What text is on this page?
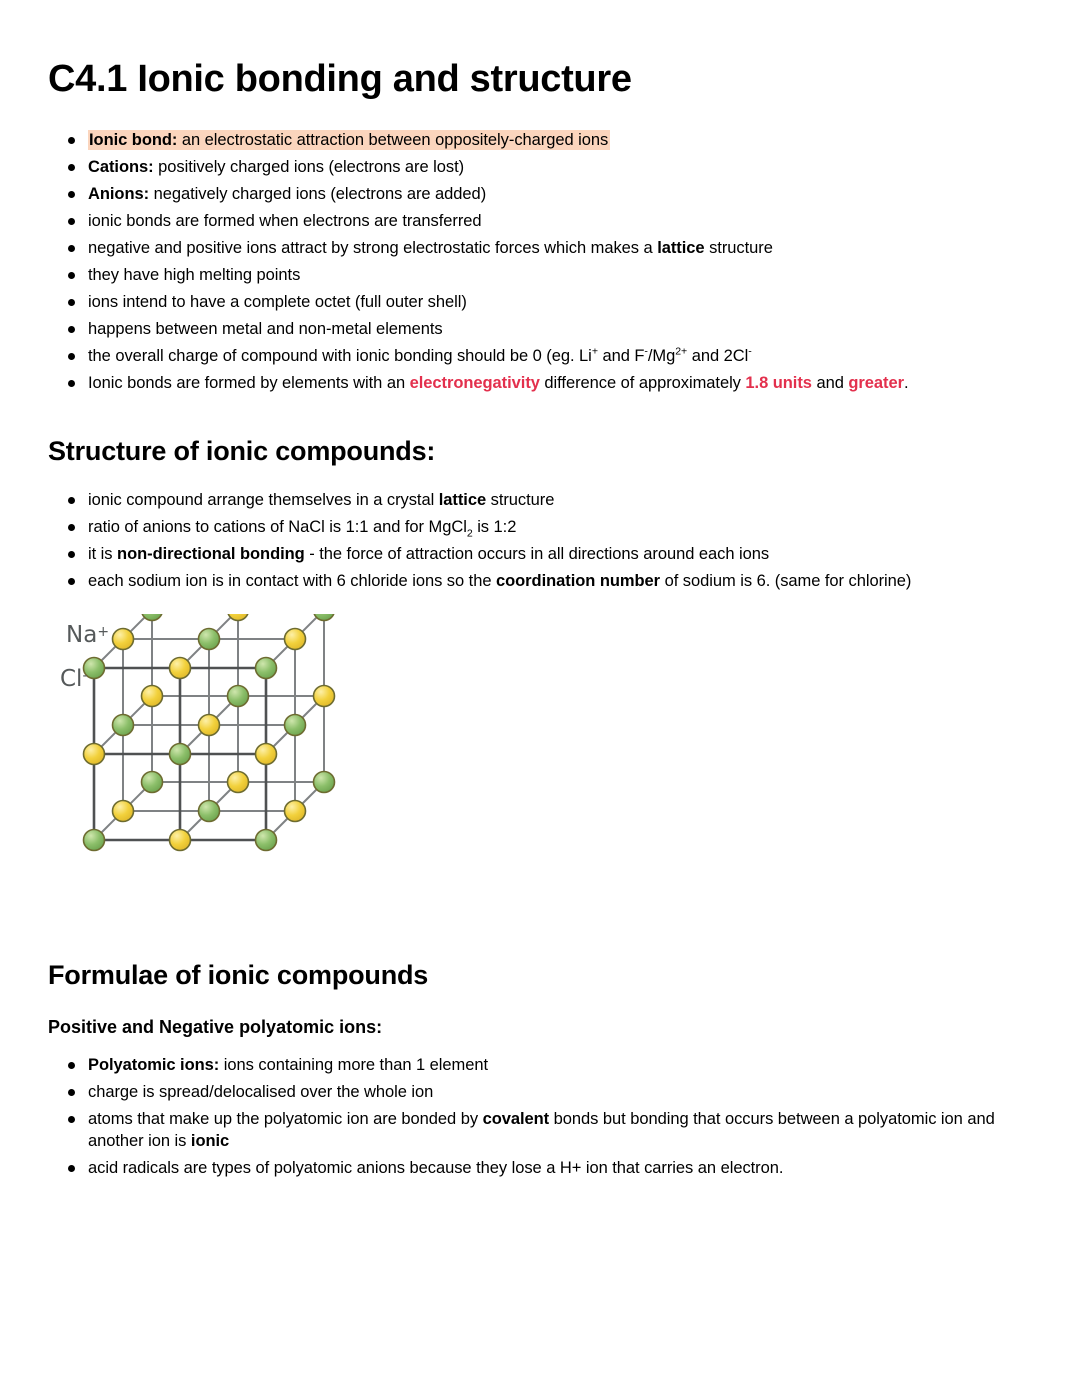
C4.1 Ionic bonding and structure
Ionic bond: an electrostatic attraction between oppositely-charged ions
Cations: positively charged ions (electrons are lost)
Anions: negatively charged ions (electrons are added)
ionic bonds are formed when electrons are transferred
negative and positive ions attract by strong electrostatic forces which makes a lattice structure
they have high melting points
ions intend to have a complete octet (full outer shell)
happens between metal and non-metal elements
the overall charge of compound with ionic bonding should be 0 (eg. Li+ and $F^-/Mg^{2+}$ and 2Cl-
Ionic bonds are formed by elements with an electronegativity difference of approximately 1.8 units and greater.
Structure of ionic compounds:
ionic compound arrange themselves in a crystal lattice structure
ratio of anions to cations of NaCl is 1:1 and for MgCl$_2$ is 1:2
it is non-directional bonding - the force of attraction occurs in all directions around each ions
each sodium ion is in contact with 6 chloride ions so the coordination number of sodium is 6. (same for chlorine)
Na+
Cl-
Formulae of ionic compounds
Positive and Negative polyatomic ions:
Polyatomic ions: ions containing more than 1 element
charge is spread/delocalised over the whole ion
atoms that make up the polyatomic ion are bonded by covalent bonds but bonding that occurs between a polyatomic ion and another ion is ionic
acid radicals are types of polyatomic anions because they lose a H+ ion that carries an electron.
